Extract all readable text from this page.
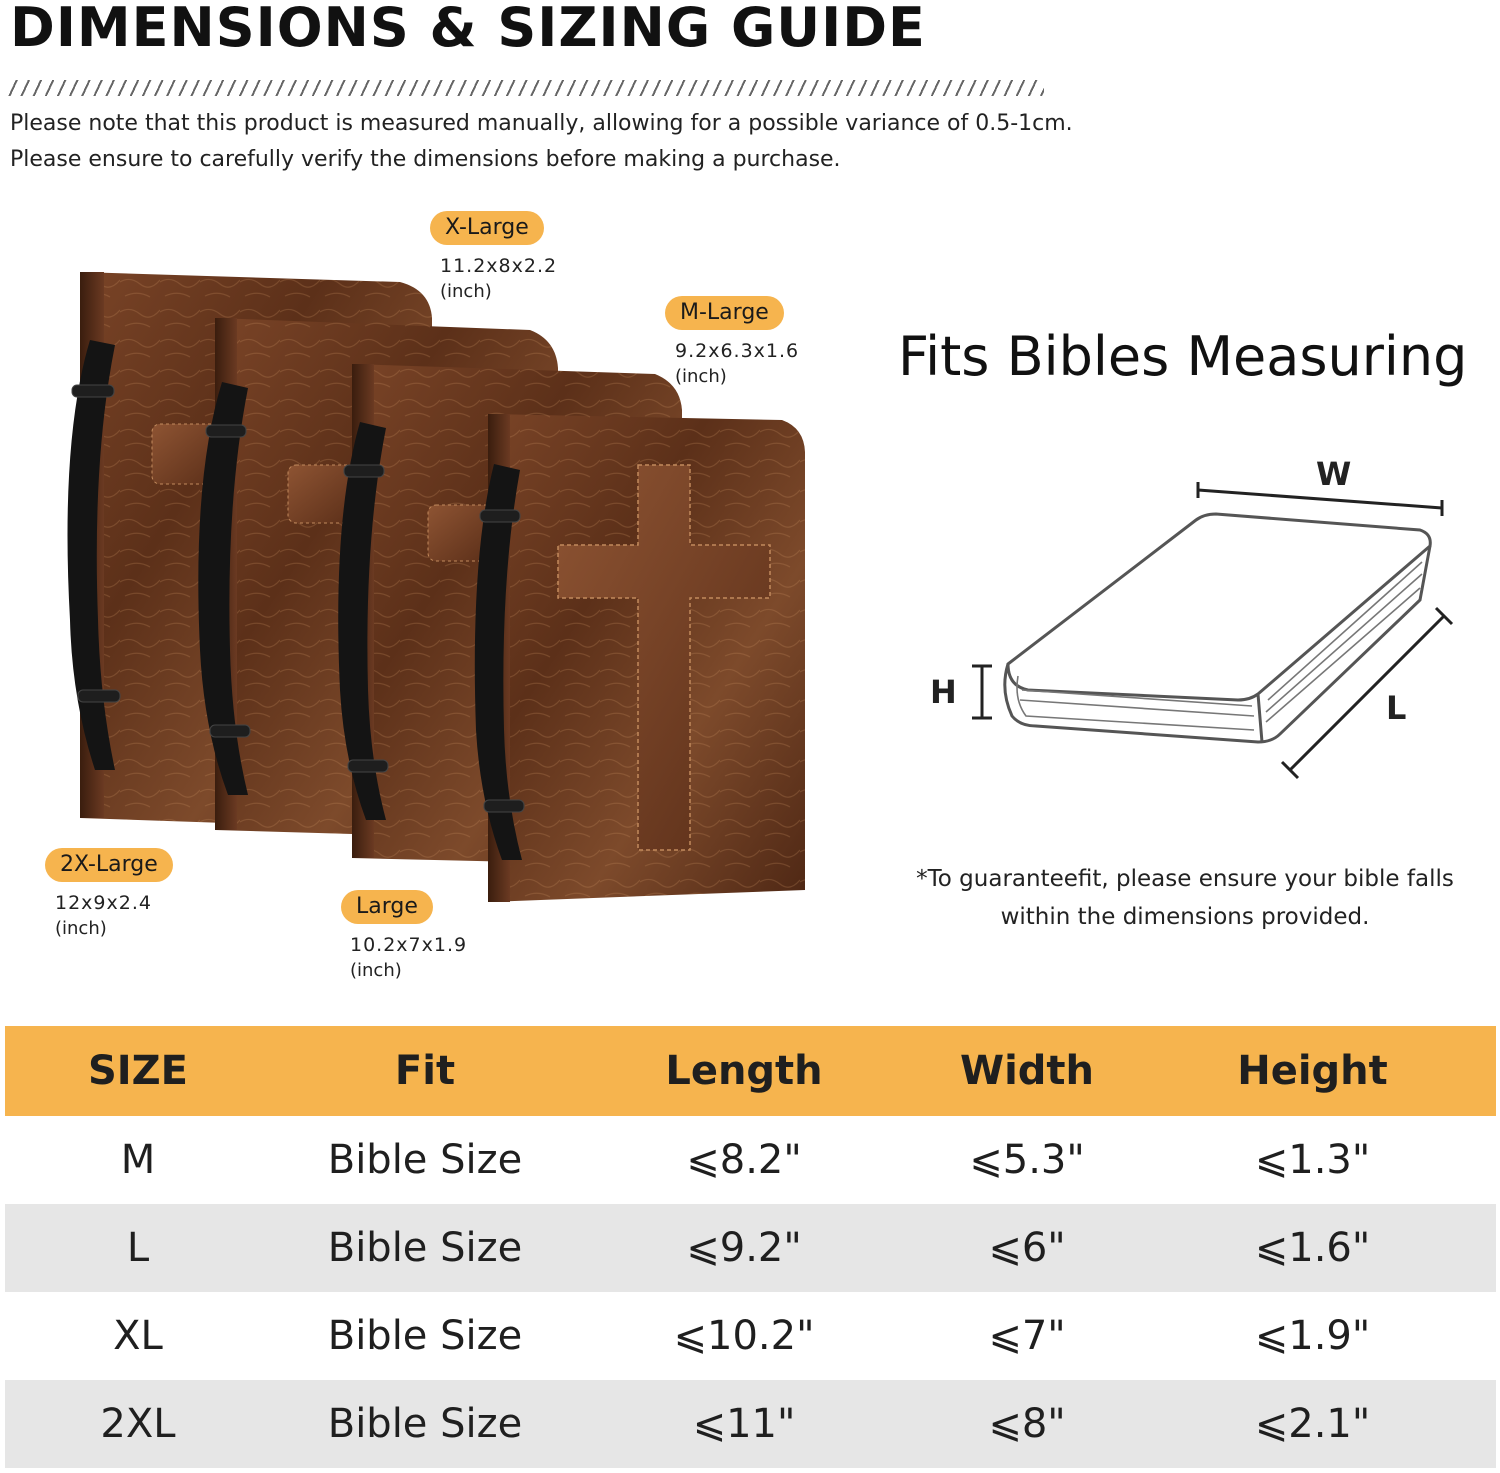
DIMENSIONS & SIZING GUIDE

Please note that this product is measured manually, allowing for a possible variance of 0.5-1cm.

Please ensure to carefully verify the dimensions before making a purchase.

X-Large
11.2x8x2.2
(inch)
M-Large
9.2x6.3x1.6
(inch)
2X-Large
12x9x2.4
(inch)
Large
10.2x7x1.9
(inch)
Fits Bibles Measuring
W
H	L
*To guaranteefit, please ensure your bible falls
within the dimensions provided.
SIZE	Fit	Length	Width	Height
M	Bible Size	⩽8.2"	⩽5.3"	⩽1.3"
L	Bible Size	⩽9.2"	⩽6"	⩽1.6"
XL	Bible Size	⩽10.2"	⩽7"	⩽1.9"
2XL	Bible Size	⩽11"	⩽8"	⩽2.1"
